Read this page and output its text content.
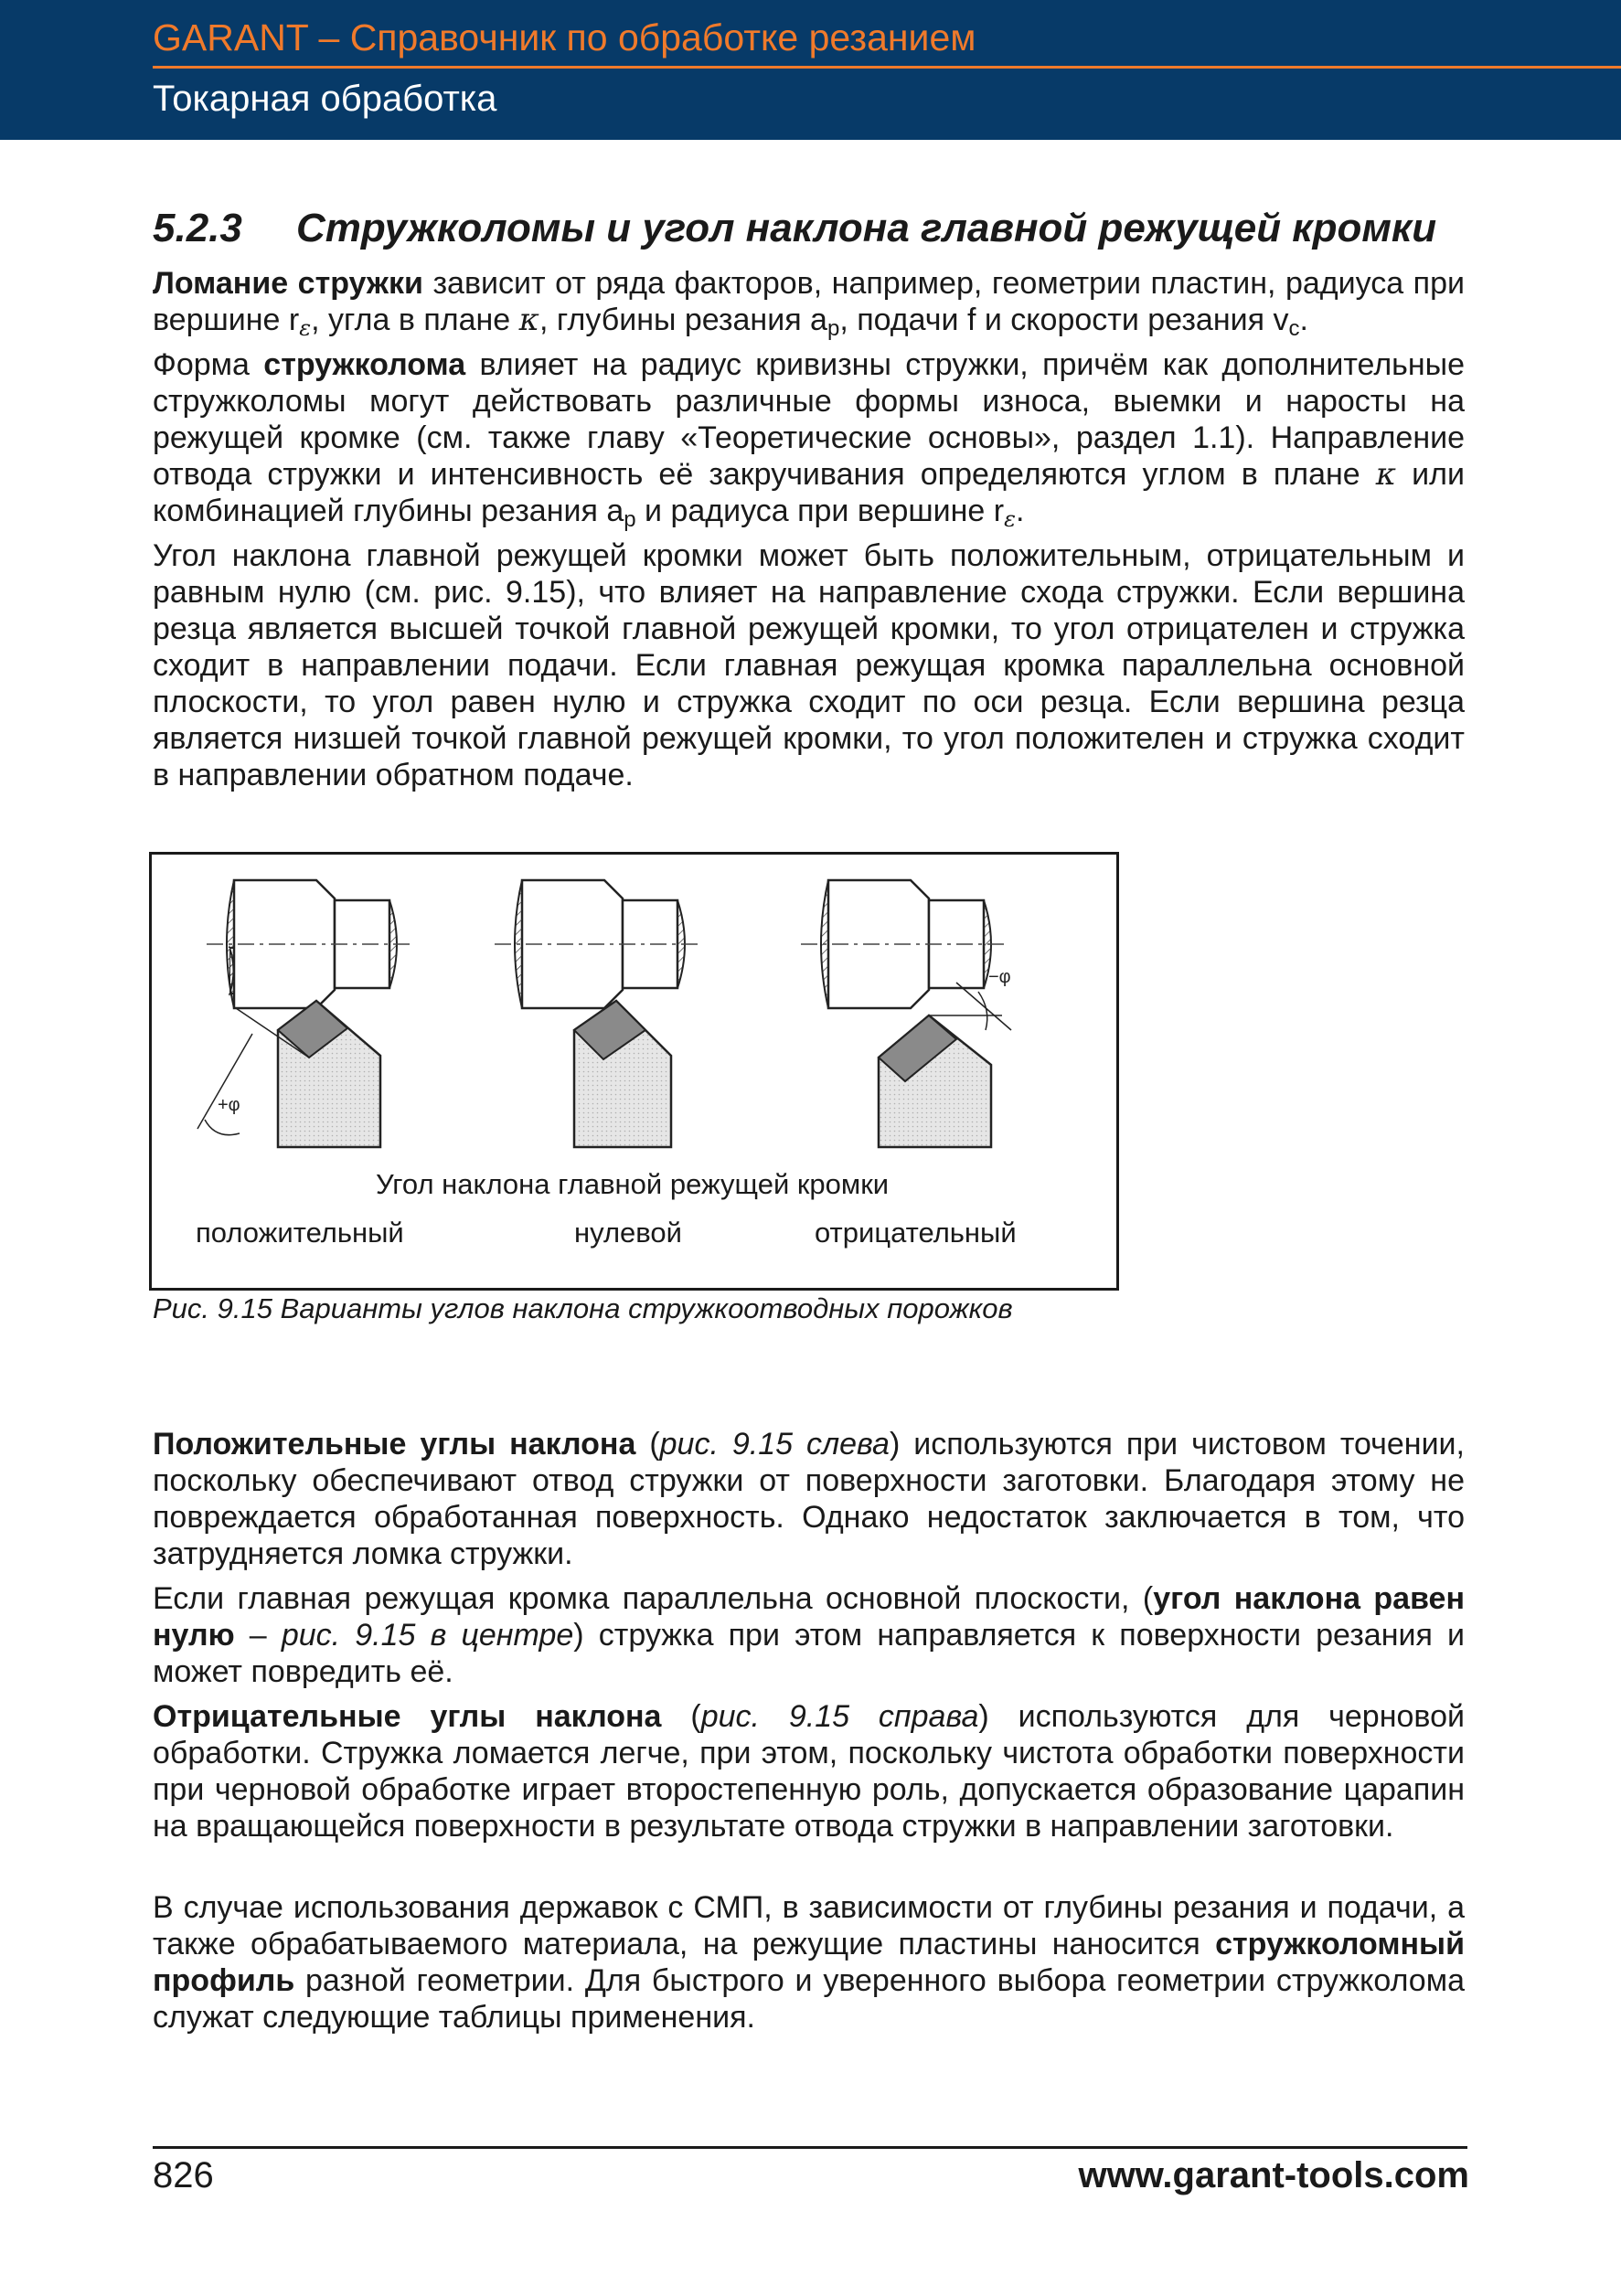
GARANT – Справочник по обработке резанием
Токарная обработка
5.2.3 Стружколомы и угол наклона главной режущей кромки

Ломание стружки зависит от ряда факторов, например, геометрии пластин, радиуса при вершине $r_\varepsilon$, угла в плане κ, глубины резания $a_p$, подачи f и скорости резания $v_c$.

Форма стружколома влияет на радиус кривизны стружки, причём как дополнительные стружколомы могут действовать различные формы износа, выемки и наросты на режущей кромке (см. также главу «Теоретические основы», раздел 1.1). Направление отвода стружки и интенсивность её закручивания определяются углом в плане κ или комбинацией глубины резания $a_p$ и радиуса при вершине $r_\varepsilon$.

Угол наклона главной режущей кромки может быть положительным, отрицательным и равным нулю (см. рис. 9.15), что влияет на направление схода стружки. Если вершина резца является высшей точкой главной режущей кромки, то угол отрицателен и стружка сходит в направлении подачи. Если главная режущая кромка параллельна основной плоскости, то угол равен нулю и стружка сходит по оси резца. Если вершина резца является низшей точкой главной режущей кромки, то угол положителен и стружка сходит в направлении обратном подаче.

+φ
−φ
Угол наклона главной режущей кромки
положительный	нулевой	отрицательный
Рис. 9.15 Варианты углов наклона стружкоотводных порожков

Положительные углы наклона (рис. 9.15 слева) используются при чистовом точении, поскольку обеспечивают отвод стружки от поверхности заготовки. Благодаря этому не повреждается обработанная поверхность. Однако недостаток заключается в том, что затрудняется ломка стружки.

Если главная режущая кромка параллельна основной плоскости, (угол наклона равен нулю – рис. 9.15 в центре) стружка при этом направляется к поверхности резания и может повредить её.

Отрицательные углы наклона (рис. 9.15 справа) используются для черновой обработки. Стружка ломается легче, при этом, поскольку чистота обработки поверхности при черновой обработке играет второстепенную роль, допускается образование царапин на вращающейся поверхности в результате отвода стружки в направлении заготовки.

В случае использования державок с СМП, в зависимости от глубины резания и подачи, а также обрабатываемого материала, на режущие пластины наносится стружколомный профиль разной геометрии. Для быстрого и уверенного выбора геометрии стружколома служат следующие таблицы применения.

826	www.garant-tools.com
